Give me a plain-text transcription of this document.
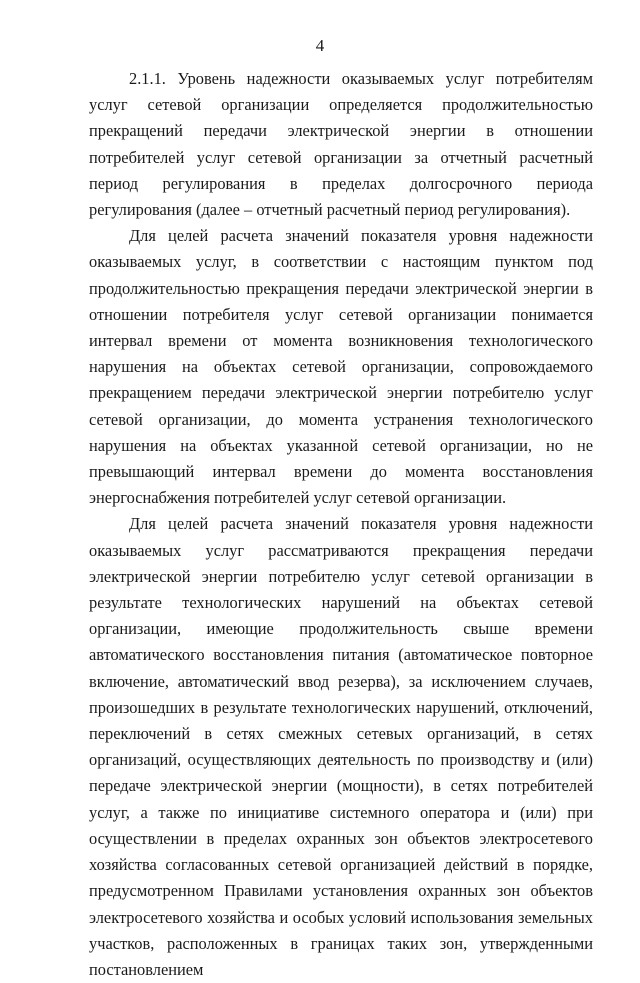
4

2.1.1. Уровень надежности оказываемых услуг потребителям услуг сетевой организации определяется продолжительностью прекращений передачи электрической энергии в отношении потребителей услуг сетевой организации за отчетный расчетный период регулирования в пределах долгосрочного периода регулирования (далее – отчетный расчетный период регулирования).

Для целей расчета значений показателя уровня надежности оказываемых услуг, в соответствии с настоящим пунктом под продолжительностью прекращения передачи электрической энергии в отношении потребителя услуг сетевой организации понимается интервал времени от момента возникновения технологического нарушения на объектах сетевой организации, сопровождаемого прекращением передачи электрической энергии потребителю услуг сетевой организации, до момента устранения технологического нарушения на объектах указанной сетевой организации, но не превышающий интервал времени до момента восстановления энергоснабжения потребителей услуг сетевой организации.

Для целей расчета значений показателя уровня надежности оказываемых услуг рассматриваются прекращения передачи электрической энергии потребителю услуг сетевой организации в результате технологических нарушений на объектах сетевой организации, имеющие продолжительность свыше времени автоматического восстановления питания (автоматическое повторное включение, автоматический ввод резерва), за исключением случаев, произошедших в результате технологических нарушений, отключений, переключений в сетях смежных сетевых организаций, в сетях организаций, осуществляющих деятельность по производству и (или) передаче электрической энергии (мощности), в сетях потребителей услуг, а также по инициативе системного оператора и (или) при осуществлении в пределах охранных зон объектов электросетевого хозяйства согласованных сетевой организацией действий в порядке, предусмотренном Правилами установления охранных зон объектов электросетевого хозяйства и особых условий использования земельных участков, расположенных в границах таких зон, утвержденными постановлением
